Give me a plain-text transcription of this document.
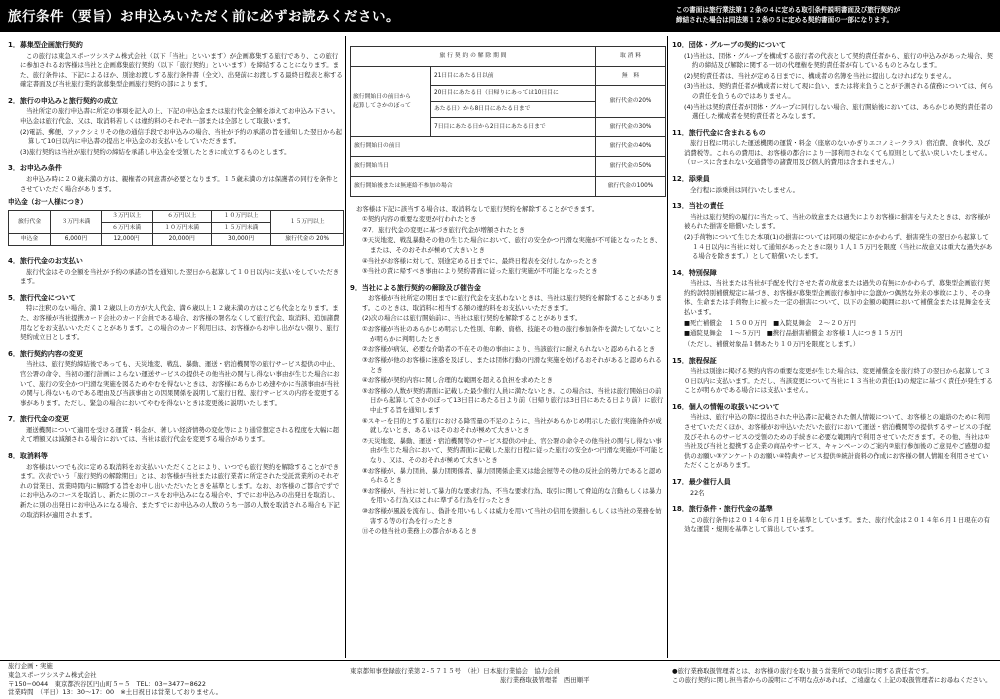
旅行条件（要旨）お申込みいただく前に必ずお読みください。	この書面は旅行業法第１２条の４に定める取引条件説明書面及び旅行契約が
締結された場合は同法第１２条の５に定める契約書面の一部になります。
1．募集型企画旅行契約

この旅行は東急スポーツシステム株式会社（以下「当社」といいます）が企画募集する旅行であり、この旅行に参加されるお客様は当社と企画募集旅行契約（以下「旅行契約」といいます）を締結することになります。また、旅行条件は、下記によるほか、別途お渡しする旅行条件書（全文）、出発前にお渡しする最終日程表と称する確定書面及び当社旅行業約款募集型企画旅行契約の部によります。

2．旅行の申込みと旅行契約の成立

当社所定の旅行申込書に所定の事項を記入の上、下記の申込金または旅行代金全額を添えてお申込み下さい。申込金は旅行代金、又は、取消料若しくは違約料のそれぞれ一部または全部として取扱います。

(2)電話、郵便、ファクシミリその他の通信手段でお申込みの場合、当社が予約の承諾の旨を通知した翌日から起算して10日以内に申込書の提出と申込金のお支払いをしていただきます。

(3)旅行契約は当社が旅行契約の締結を承諾し申込金を受領したときに成立するものとします。

3．お申込み条件

お申込み時に２０歳未満の方は、親権者の同意書が必要となります。１５歳未満の方は保護者の同行を条件とさせていただく場合があります。

申込金（お一人様につき）
旅行代金	３万円未満	３万円以上	６万円以上	１０万円以上	１５万円以上
		６万円未満	１０万円未満	１５万円未満	
申込金	6,000円	12,000円	20,000円	30,000円	旅行代金の 20%
4．旅行代金のお支払い

旅行代金はその全額を当社が予約の承諾の旨を通知した翌日から起算して１０日以内に支払いをしていただきます。

5．旅行代金について

特に注釈のない場合、満１２歳以上の方が大人代金、満６歳以上１２歳未満の方はこども代金となります。また、お客様が当社提携カード会社のカード会員である場合、お客様の署名なくして旅行代金、取消料、追加諸費用などをお支払いいただくことがあります。この場合のカード利用日は、お客様からお申し出がない限り、旅行契約成立日とします。

6．旅行契約内容の変更

当社は、旅行契約締結後であっても、天災地変、戦乱、暴動、運送・宿泊機関等の旅行サービス提供の中止、官公署の命令、当初の運行計画によらない運送サービスの提供その他当社の関与し得ない事由が生じた場合において、旅行の安全かつ円滑な実施を図るためやむを得ないときは、お客様にあらかじめ速やかに当該事由が当社の関与し得ないものである理由及び当該事由との因果関係を説明して旅行日程、旅行サービスの内容を変更する事があります。ただし、緊急の場合においてやむを得ないときは変更後に説明いたします。

7．旅行代金の変更

運送機関について適用を受ける運賃・料金が、著しい経済情勢の変化等により通常想定される程度を大幅に超えて増額又は減額される場合においては、当社は旅行代金を変更する場合があります。

8．取消料等

お客様はいつでも次に定める取消料をお支払いいただくことにより、いつでも旅行契約を解除することができます。次表でいう「旅行契約の解除期日」とは、お客様が当社または旅行業者に所定された受託営業所のそれぞれの営業日、営業時間内に解除する旨をお申し出いただいたときを基準とします。なお、お客様のご都合でずでにお申込みのコースを取消し、新たに別のコースをお申込みになる場合や、すでにお申込みの出発日を取消し、新たに別の出発日にお申込みになる場合、またすでにお申込みの人数のうち一部の人数を取消される場合も下記の取消料が適用されます。

旅 行 契 約 の 解 除 期 間		取 消 料

旅行開始日の前日から
起算してさかのぼって	21日目にあたる日以前	無　料
	20日目にあたる日（日帰りにあっては10日目に	旅行代金の20%
	あたる日）から8日目にあたる日まで	
	7日目にあたる日から2日目にあたる日まで	旅行代金の30%
旅行開始日の前日		旅行代金の40%
旅行開始当日		旅行代金の50%
旅行開始後または無連絡不参加の場合		旅行代金の100%

お客様は下記に該当する場合は、取消料なしで旅行契約を解除することができます。

①契約内容の重要な変更が行われたとき

②7．旅行代金の変更に基づき旅行代金が増額されたとき

③天災地変、戦乱暴動その他の生じた場合において、旅行の安全かつ円滑な実施が不可能となったとき、または、そのおそれが極めて大きいとき

④当社がお客様に対して、別途定める日までに、最終日程表を交付しなかったとき

⑤当社の責に帰すべき事由により契約書面に従った旅行実施が不可能となったとき

9．当社による旅行契約の解除及び催告金

お客様が当社所定の期日までに旅行代金を支払わないときは、当社は旅行契約を解除することがあります。このときは、取消料に相当する額の違約料をお支払いいただきます。

(2)次の場合には旅行開始前に、当社は旅行契約を解除することがあります。

①お客様が当社のあらかじめ明示した性別、年齢、資格、技能その他の旅行参加条件を満たしてないことが明らかに判明したとき

②お客様が病気、必要な介助者の不在その他の事由により、当該旅行に耐えられないと認められるとき

③お客様が他のお客様に迷惑を及ぼし、または団体行動の円滑な実施を妨げるおそれがあると認められるとき

④お客様が契約内容に関し合理的な範囲を超える負担を求めたとき

⑤お客様の人数が契約書面に記載した最少催行人員に満たないとき。この場合は、当社は旅行開始日の前日から起算してさかのぼって13日目にあたる日より前（日帰り旅行は3日目にあたる日より前）に旅行中止する旨を通知します

⑥スキーを目的とする旅行における降雪量の不足のように、当社があらかじめ明示した旅行実施条件が成就しないとき、あるいはそのおそれが極めて大きいとき

⑦天災地変、暴動、運送・宿泊機関等のサービス提供の中止、官公署の命令その他当社の関与し得ない事由が生じた場合において、契約書面に記載した旅行日程に従った旅行の安全かつ円滑な実施が不可能となり、又は、そのおそれが極めて大きいとき

⑧お客様が、暴力団員、暴力団関係者、暴力団関係企業又は総会屋等その他の反社会的勢力であると認められるとき

⑨お客様が、当社に対して暴力的な要求行為、不当な要求行為、取引に関して脅迫的な言動もしくは暴力を用いる行為又はこれに準ずる行為を行ったとき

⑩お客様が風説を流布し、偽計を用いもしくは威力を用いて当社の信用を毀損しもしくは当社の業務を妨害する等の行為を行ったとき

⑪その他当社の業務上の都合があるとき

10．団体・グループの契約について

(1)当社は、団体・グループを構成する旅行者の代表として契約責任者から、旅行の申込みがあった場合、契約の締結及び解除に関する一切の代理権を契約責任者が有しているものとみなします。

(2)契約責任者は、当社が定める日までに、構成者の名簿を当社に提出しなければなりません。

(3)当社は、契約責任者が構成者に対して現に負い、または将来負うことが予測される債務については、何らの責任を負うものではありません。

(4)当社は契約責任者が団体・グループに同行しない場合、旅行開始後においては、あらかじめ契約責任者の選任した構成者を契約責任者とみなします。

11．旅行代金に含まれるもの

旅行日程に明示した運送機関の運賃・料金（座席のないかぎりエコノミークラス）宿泊費、食事代、及び消費税等。これらの費用は、お客様の都合により一部利用されなくても原則として払い戻しいたしません。（ロースに含まれない交通費等の諸費用及び個人的費用は含まれません。）

12．添乗員

全行程に添乗員は同行いたしません。

13．当社の責任

当社は旅行契約の履行に当たって、当社の故意または過失によりお客様に損害を与えたときは、お客様が被られた損害を賠償いたします。

(2)手荷物について生じた本項(1)の損害については同項の規定にかかわらず、損害発生の翌日から起算して１４日以内に当社に対して通知があったときに限り１人１５万円を限度（当社に故意又は重大な過失がある場合を除きます。）として賠償いたします。

14．特別保障

当社は、当社または当社が手配を代行させた者の故意または過失の有無にかかわらず、募集型企画旅行契約約款特別補償規定に基づき、お客様が募集型企画旅行参加中に急激かつ偶然な外来の事故により、その身体、生命または手荷物上に被った一定の損害について、以下の金額の範囲において補償金または見舞金を支払います。

■死亡補償金　１５００万円　■入院見舞金　２〜２０万円

■通院見舞金　１〜５万円　■携行品損害補償金 お客様１人につき１５万円

（ただし、補償対象品１個あたり１０万円を限度とします。）

15．旅程保証

当社は別途に掲げる契約内容の重要な変更が生じた場合は、変更補償金を旅行終了の翌日から起算して３０日以内に支払います。ただし、当該変更について当社に１３当社の責任(1)の規定に基づく責任が発生することが明らかである場合には支払いません。

16．個人の情報の取扱いについて

当社は、旅行申込の際に提出された申込書に記載された個人情報について、お客様との連絡のために利用させていただくほか、お客様がお申込いただいた旅行において運送・宿泊機関等の提供するサービスの手配及びそれらのサービスの受領のための手続きに必要な範囲内で利用させていただきます。その他、当社は①当社及び当社と提携する企業の商品やサービス、キャンペーンのご案内②旅行参加後のご意見やご感想の提供のお願い③アンケートのお願い④特典サービス提供⑤統計資料の作成にお客様の個人情報を利用させていただくことがあります。

17．最少催行人員

22名

18．旅行条件・旅行代金の基準

この旅行条件は２０１４年６月１日を基準としています。また、旅行代金は２０１４年６月１日現在の有効な運賃・規則を基準として算出しています。

旅行企画・実施
東急スポーツシステム株式会社
〒150−0044　東京都渋谷区円山町５−５　TEL：03−3477−8622
営業時間　（平日）13：30〜17：00　※土日祝日は営業しておりません。
東京都知事登録旅行業第２-５７１５号　（社）日本旅行業協会　協力会員
旅行業務取扱管理者　西田順平
●旅行業務取扱管理者とは、お客様の旅行を取り扱う営業所での取引に関する責任者です。
この旅行契約に関し担当者からの説明にご不明な点があれば、ご遠慮なく上記の取扱管理者にお尋ねください。
